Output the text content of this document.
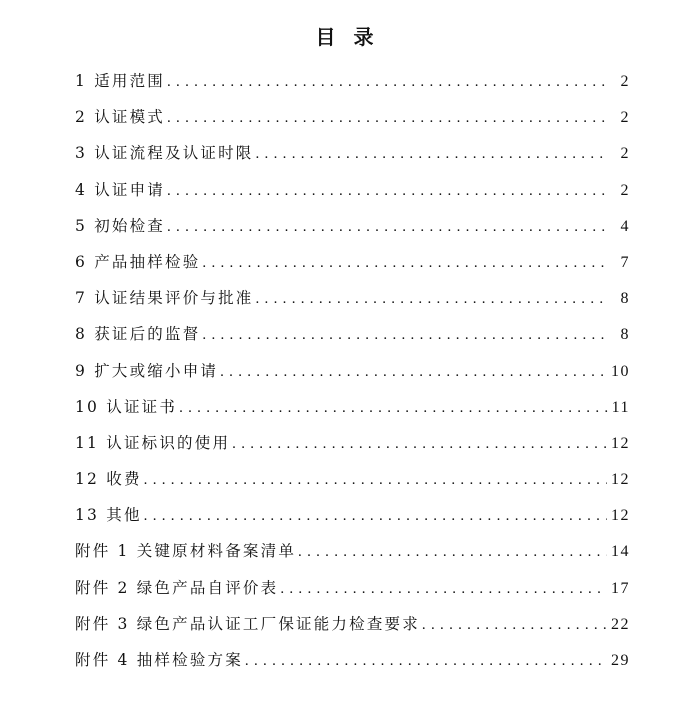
目录
1 适用范围 .....	2
2 认证模式 .....	2
3 认证流程及认证时限 .....	2
4 认证申请 .....	2
5 初始检查 .....	4
6 产品抽样检验 .....	7
7 认证结果评价与批准 .....	8
8 获证后的监督 .....	8
9 扩大或缩小申请 .....	10
10 认证证书 .....	11
11 认证标识的使用 .....	12
12 收费 .....	12
13 其他 .....	12
附件 1 关键原材料备案清单 .....	14
附件 2 绿色产品自评价表 .....	17
附件 3 绿色产品认证工厂保证能力检查要求 .....	22
附件 4 抽样检验方案 .....	29
